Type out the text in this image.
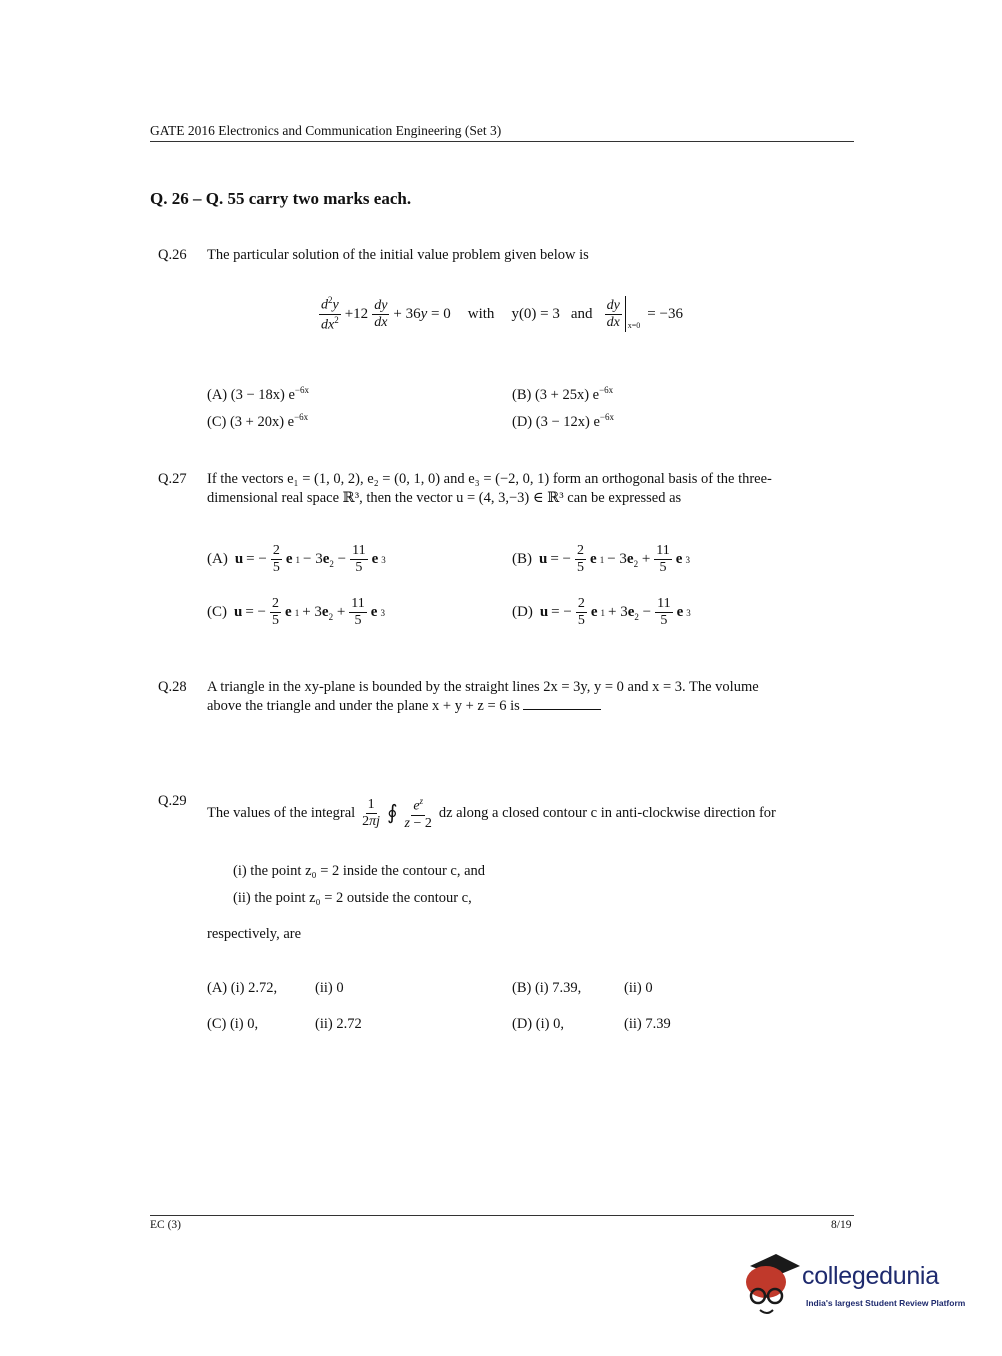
GATE 2016 Electronics and Communication Engineering (Set 3)
Q. 26 – Q. 55 carry two marks each.
Q.26 The particular solution of the initial value problem given below is
$\frac{d^2y}{dx^2} +12 \frac{dy}{dx} + 36y = 0$ with y(0) = 3 and $\frac{dy}{dx} x=0$
= −36
(A) (3 − 18x) $e^{-6x}$	(B) (3 + 25x) $e^{-6x}$
(C) (3 + 20x) $e^{-6x}$	(D) (3 − 12x) $e^{-6x}$
Q.27 If the vectors e₁ = (1, 0, 2), e₂ = (0, 1, 0) and e₃ = (−2, 0, 1) form an orthogonal basis of the three-
dimensional real space ℝ³, then the vector u = (4, 3,−3) ∈ ℝ³ can be expressed as
(A) u = − $\frac{2}{5}$ e $1 - 3e_2 - \frac{11}{5}$ e 3	(B) u = − $\frac{2}{5}$ e $1 - 3e_2 + \frac{11}{5}$ e 3
(C) u = − $\frac{2}{5}$ e $1 + 3e_2 + \frac{11}{5}$ e 3	(D) u = − $\frac{2}{5}$ e $1 + 3e_2 - \frac{11}{5}$ e 3
Q.28 A triangle in the xy-plane is bounded by the straight lines 2x = 3y, y = 0 and x = 3. The volume
above the triangle and under the plane x + y + z = 6 is
Q.29
The values of the integral $\frac{1}{2\pi j}$ ∮ $\frac{e^z}{z - 2}$ dz along a closed contour c in anti-clockwise direction for
(i) the point z₀ = 2 inside the contour c, and
(ii) the point z₀ = 2 outside the contour c,
respectively, are
(A) (i) 2.72,	(ii) 0	(B) (i) 7.39,	(ii) 0
(C) (i) 0,	(ii) 2.72	(D) (i) 0,	(ii) 7.39
EC (3)	8/19
collegedunia
India's largest Student Review Platform
